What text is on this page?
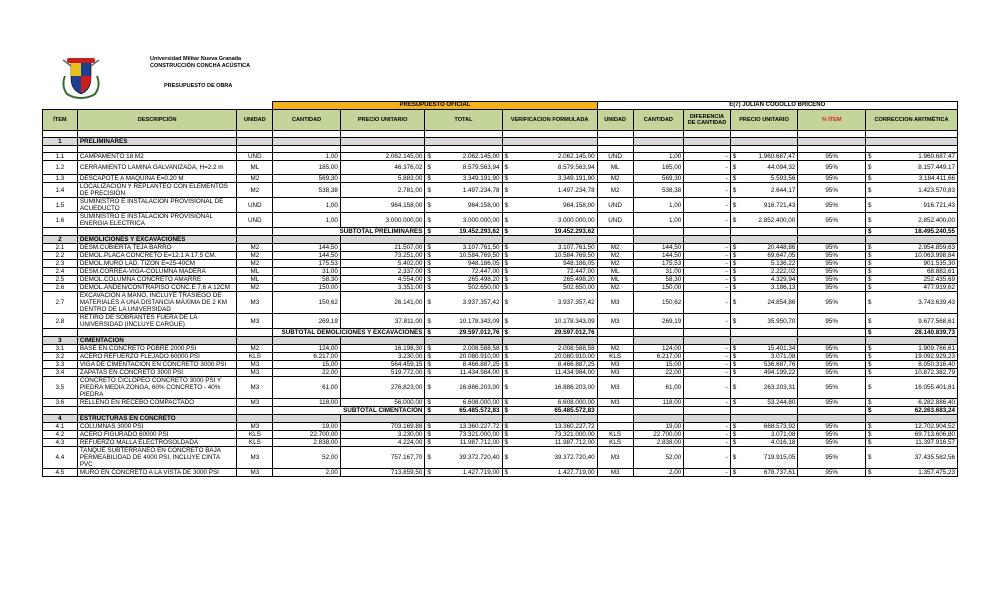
Universidad Militar Nueva Granada
CONSTRUCCIÓN CONCHA ACÚSTICA
PRESUPUESTO DE OBRA
			PRESUPUESTO OFICIAL				E(7) JULIAN COGOLLO BRICEÑO					
ÍTEM	DESCRIPCIÓN	UNIDAD	CANTIDAD	PRECIO UNITARIO	TOTAL	VERIFICACION FORMULADA	UNIDAD	CANTIDAD	DIFERENCIA DE CANTIDAD	PRECIO UNITARIO	% ÍTEM	CORRECCION ARITMÉTICA

1	PRELIMINARES											

1.1	CAMPAMENTO 18 M2	UND	1,00	2.062.145,00	$ 2.062.145,00	$ 2.062.145,00	UND	1,00	-	$ 1.960.687,47	95%	$ 1.960.687,47
1.2	CERRAMIENTO LAMINA GALVANIZADA, H=2.2 m	ML	185,00	46.376,02	$ 8.579.563,94	$ 8.579.563,94	ML	185,00	-	$ 44.094,32	95%	$ 8.157.449,17
1.3	DESCAPOTE A MAQUINA E=0.20 M	M2	569,30	5.883,00	$ 3.349.191,90	$ 3.349.191,90	M2	569,30	-	$ 5.593,56	95%	$ 3.184.411,66
1.4	LOCALIZACIÓN Y REPLANTEO CON ELEMENTOS DE PRECISIÓN	M2	538,38	2.781,00	$ 1.497.234,78	$ 1.497.234,78	M2	538,38	-	$ 2.644,17	95%	$ 1.423.570,83
1.5	SUMINISTRO E INSTALACION PROVISIONAL DE ACUEDUCTO	UND	1,00	964.158,00	$ 964.158,00	$ 964.158,00	UND	1,00	-	$ 916.721,43	95%	$ 916.721,43
1.6	SUMINISTRO E INSTALACION PROVISIONAL ENERGIA ELECTRICA	UND	1,00	3.000.000,00	$ 3.000.000,00	$ 3.000.000,00	UND	1,00	-	$ 2.852.400,00	95%	$ 2.852.400,00
			SUBTOTAL PRELIMINARES		$ 19.452.293,62	$ 19.452.293,62						$ 18.495.240,55
2	DEMOLICIONES Y EXCAVACIONES											
2.1	DESM.CUBIERTA TEJA BARRO	M2	144,50	21.507,00	$ 3.107.761,50	$ 3.107.761,50	M2	144,50	-	$ 20.448,86	95%	$ 2.954.859,63
2.2	DEMOL.PLACA CONCRETO E=12.1 A 17.5 CM.	M2	144,50	73.251,00	$ 10.584.769,50	$ 10.584.769,50	M2	144,50	-	$ 69.647,05	95%	$ 10.063.998,84
2.3	DEMOL.MURO LAD. TIZON E=25-40CM	M2	175,53	5.402,00	$ 948.186,05	$ 948.186,05	M2	175,53	-	$ 5.136,22	95%	$ 901.535,30
2.4	DESM.CORREA-VIGA-COLUMNA MADERA	ML	31,00	2.337,00	$ 72.447,00	$ 72.447,00	ML	31,00	-	$ 2.222,02	95%	$ 68.882,61
2.5	DEMOL.COLUMNA CONCRETO AMARRE	ML	58,30	4.554,00	$ 265.498,20	$ 265.498,20	ML	58,30	-	$ 4.329,94	95%	$ 252.435,69
2.6	DEMOL.ANDEN/CONTRAPISO CONC.E 7.6 A 12CM	M2	150,00	3.351,00	$ 502.650,00	$ 502.650,00	M2	150,00	-	$ 3.186,13	95%	$ 477.919,62
2.7	EXCAVACION A MANO, INCLUYE TRASIEGO DE MATERIALES A UNA DISTANCIA MÁXIMA DE 2 KM DENTRO DE LA UNIVERSIDAD	M3	150,62	26.141,00	$ 3.937.357,42	$ 3.937.357,42	M3	150,62	-	$ 24.854,86	95%	$ 3.743.639,43
2.8	RETIRO DE SOBRANTES FUERA DE LA UNIVERSIDAD (INCLUYE CARGUE)	M3	269,19	37.811,00	$ 10.178.343,09	$ 10.178.343,09	M3	269,19	-	$ 35.950,70	95%	$ 9.677.568,61
			SUBTOTAL DEMOLICIONES Y EXCAVACIONES		$ 29.597.012,76	$ 29.597.012,76						$ 28.140.839,73
3	CIMENTACION											
3.1	BASE EN CONCRETO POBRE 2000 PSI	M2	124,00	16.198,30	$ 2.008.588,58	$ 2.008.588,58	M2	124,00	-	$ 15.401,34	95%	$ 1.909.766,61
3.2	ACERO REFUERZO FLEJADO 60000 PSI	KLS	6.217,00	3.230,00	$ 20.080.910,00	$ 20.080.910,00	KLS	6.217,00	-	$ 3.071,08	95%	$ 19.092.929,23
3.3	VIGA DE CIMENTACION EN CONCRETO 3000 PSI	M3	15,00	564.459,15	$ 8.466.887,25	$ 8.466.887,25	M3	15,00	-	$ 536.687,76	95%	$ 8.050.316,40
3.4	ZAPATAS EN CONCRETO 3000 PSI	M3	22,00	519.772,00	$ 11.434.984,00	$ 11.434.984,00	M3	22,00	-	$ 494.199,22	95%	$ 10.872.382,79
3.5	CONCRETO CICLÓPEO CONCRETO 3000 PSI Y PIEDRA MEDIA ZONGA, 60% CONCRETO - 40% PIEDRA	M3	61,00	276.823,00	$ 16.886.203,00	$ 16.886.203,00	M3	61,00	-	$ 263.203,31	95%	$ 16.055.401,81
3.6	RELLENO EN RECEBO COMPACTADO	M3	118,00	56.000,00	$ 6.608.000,00	$ 6.608.000,00	M3	118,00	-	$ 53.244,80	95%	$ 6.282.886,40
			SUBTOTAL CIMENTACION		$ 65.485.572,83	$ 65.485.572,83						$ 62.263.683,24
4	ESTRUCTURAS EN CONCRETO											
4.1	COLUMNAS 3000 PSI	M3	19,00	703.169,88	$ 13.360.227,72	$ 13.360.227,72		19,00	-	$ 668.573,92	95%	$ 12.702.904,52
4.2	ACERO FIGURADO 60000 PSI	KLS	22.700,00	3.230,00	$ 73.321.000,00	$ 73.321.000,00	KLS	22.700,00	-	$ 3.071,08	95%	$ 69.713.606,80
4.3	REFUERZO MALLA ELECTROSOLDADA	KLS	2.838,00	4.224,00	$ 11.987.712,00	$ 11.987.712,00	KLS	2.838,00	-	$ 4.016,18	95%	$ 11.397.916,57
4.4	TANQUE SUBTERRÁNEO EN CONCRETO BAJA PERMEABILIDAD DE 4000 PSI, INCLUYE CINTA PVC	M3	52,00	757.167,70	$ 39.372.720,40	$ 39.372.720,40	M3	52,00	-	$ 719.915,05	95%	$ 37.435.582,56
4.5	MURO EN CONCRETO A LA VISTA DE 3000 PSI	M3	2,00	713.859,50	$ 1.427.719,00	$ 1.427.719,00	M3	2,00	-	$ 678.737,61	95%	$ 1.357.475,23
